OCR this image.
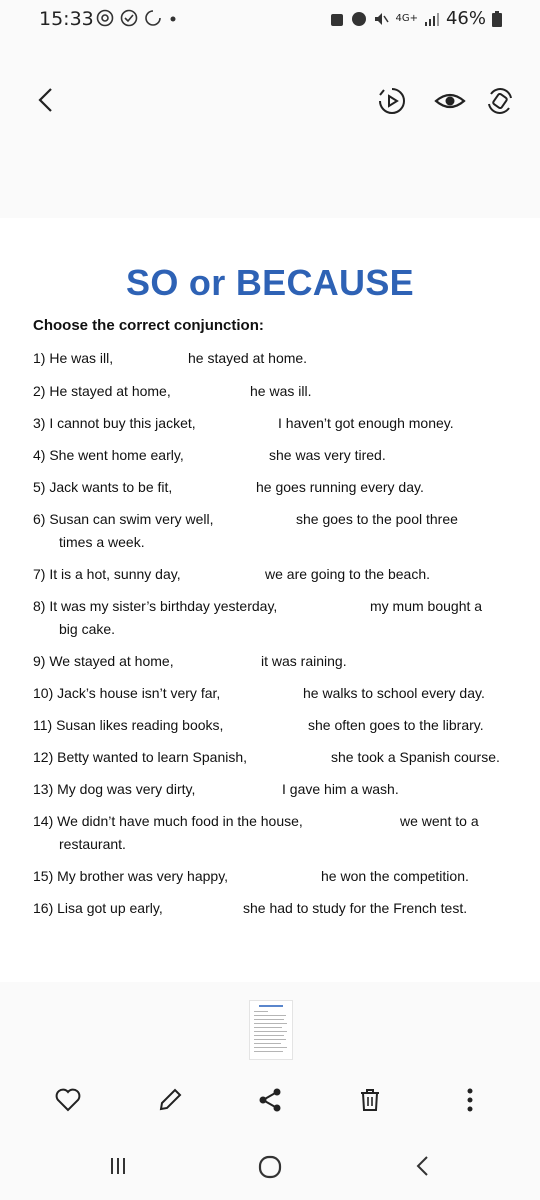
15:33	4G+ 46%
SO or BECAUSE
Choose the correct conjunction:
1) He was ill,	he stayed at home.
2) He stayed at home,	he was ill.
3) I cannot buy this jacket,	I haven’t got enough money.
4) She went home early,	she was very tired.
5) Jack wants to be fit,	he goes running every day.
6) Susan can swim very well,	she goes to the pool three
times a week.
7) It is a hot, sunny day,	we are going to the beach.
8) It was my sister’s birthday yesterday,	my mum bought a
big cake.
9) We stayed at home,	it was raining.
10) Jack’s house isn’t very far,	he walks to school every day.
11) Susan likes reading books,	she often goes to the library.
12) Betty wanted to learn Spanish,	she took a Spanish course.
13) My dog was very dirty,	I gave him a wash.
14) We didn’t have much food in the house,	we went to a
restaurant.
15) My brother was very happy,	he won the competition.
16) Lisa got up early,	she had to study for the French test.
